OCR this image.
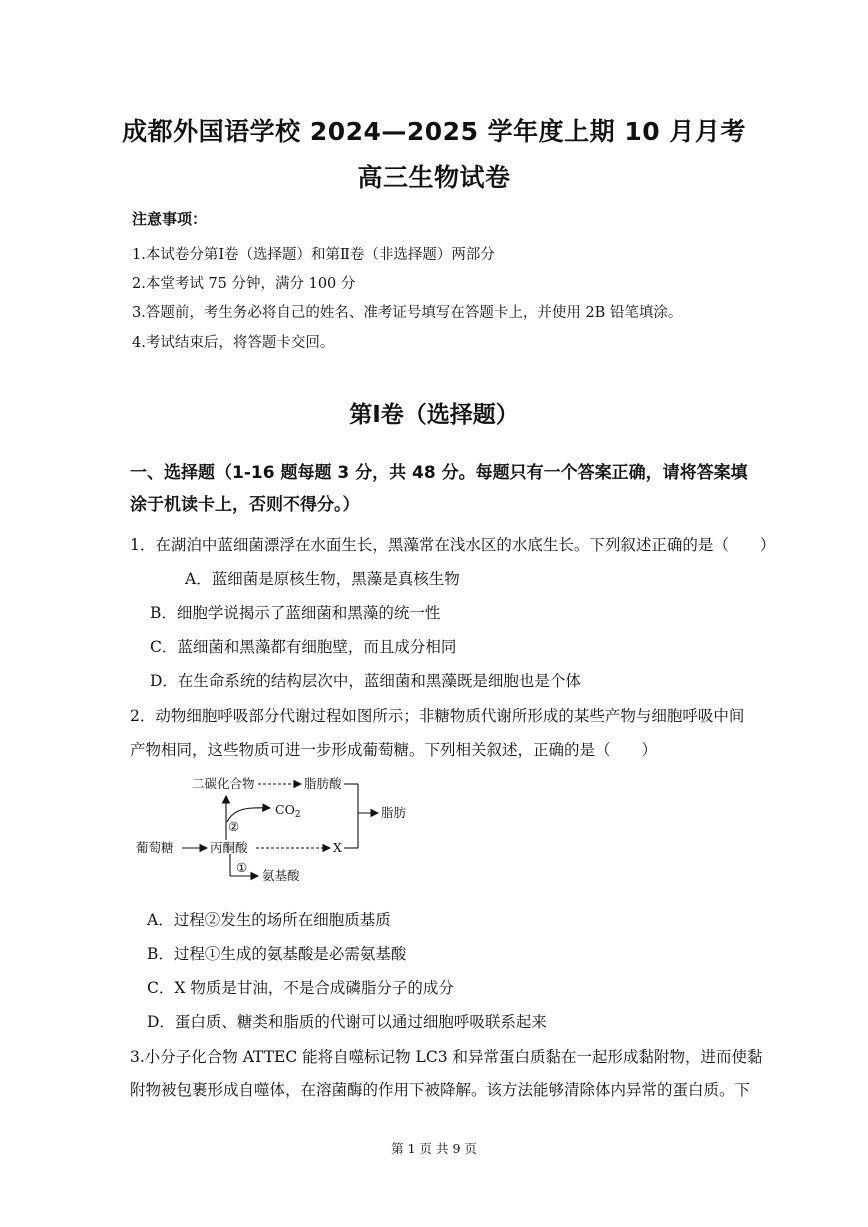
成都外国语学校 2024—2025 学年度上期 10 月月考
高三生物试卷
注意事项：
1.本试卷分第Ⅰ卷（选择题）和第Ⅱ卷（非选择题）两部分
2.本堂考试 75 分钟，满分 100 分
3.答题前，考生务必将自己的姓名、准考证号填写在答题卡上，并使用 2B 铅笔填涂。
4.考试结束后，将答题卡交回。
第Ⅰ卷（选择题）
一、选择题（1-16 题每题 3 分，共 48 分。每题只有一个答案正确，请将答案填
涂于机读卡上，否则不得分。）
1．在湖泊中蓝细菌漂浮在水面生长，黑藻常在浅水区的水底生长。下列叙述正确的是（　　）
A．蓝细菌是原核生物，黑藻是真核生物
B．细胞学说揭示了蓝细菌和黑藻的统一性
C．蓝细菌和黑藻都有细胞壁，而且成分相同
D．在生命系统的结构层次中，蓝细菌和黑藻既是细胞也是个体
2．动物细胞呼吸部分代谢过程如图所示；非糖物质代谢所形成的某些产物与细胞呼吸中间
产物相同，这些物质可进一步形成葡萄糖。下列相关叙述，正确的是（　　）
二碳化合物	脂肪酸
$CO_2$	脂肪
葡萄糖	丙酮酸	X
②
①
氨基酸
A．过程②发生的场所在细胞质基质
B．过程①生成的氨基酸是必需氨基酸
C．X 物质是甘油，不是合成磷脂分子的成分
D．蛋白质、糖类和脂质的代谢可以通过细胞呼吸联系起来
3.小分子化合物 ATTEC 能将自噬标记物 LC3 和异常蛋白质黏在一起形成黏附物，进而使黏
附物被包裹形成自噬体，在溶菌酶的作用下被降解。该方法能够清除体内异常的蛋白质。下
第 1 页 共 9 页
